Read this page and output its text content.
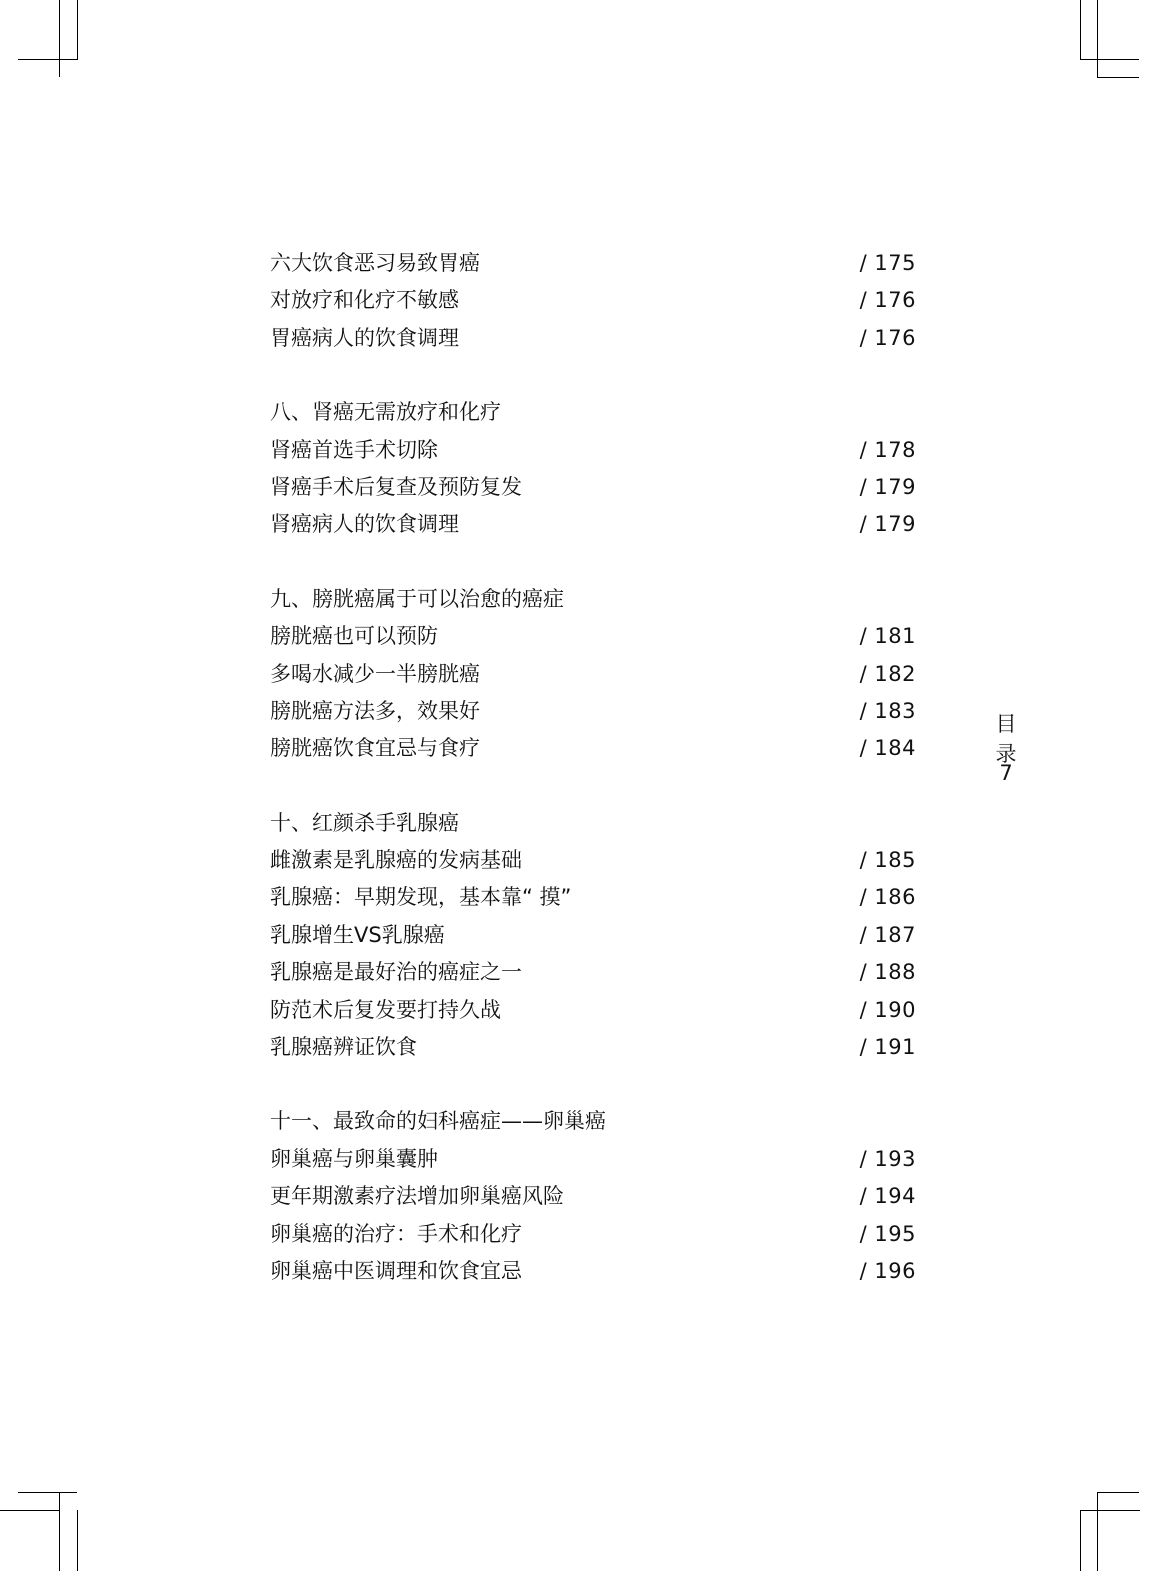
六大饮食恶习易致胃癌	/ 175
对放疗和化疗不敏感	/ 176
胃癌病人的饮食调理	/ 176
八、肾癌无需放疗和化疗
肾癌首选手术切除	/ 178
肾癌手术后复查及预防复发	/ 179
肾癌病人的饮食调理	/ 179
九、膀胱癌属于可以治愈的癌症
膀胱癌也可以预防	/ 181
多喝水减少一半膀胱癌	/ 182
膀胱癌方法多，效果好	/ 183
膀胱癌饮食宜忌与食疗	/ 184
十、红颜杀手乳腺癌
雌激素是乳腺癌的发病基础	/ 185
乳腺癌：早期发现，基本靠“ 摸”	/ 186
乳腺增生VS乳腺癌	/ 187
乳腺癌是最好治的癌症之一	/ 188
防范术后复发要打持久战	/ 190
乳腺癌辨证饮食	/ 191
十一、最致命的妇科癌症——卵巢癌
卵巢癌与卵巢囊肿	/ 193
更年期激素疗法增加卵巢癌风险	/ 194
卵巢癌的治疗：手术和化疗	/ 195
卵巢癌中医调理和饮食宜忌	/ 196
目录
7
